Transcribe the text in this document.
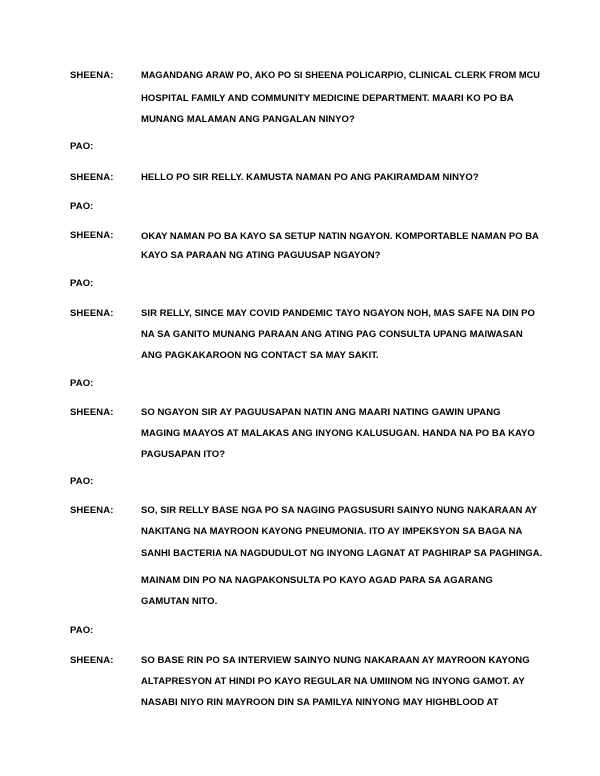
SHEENA:	MAGANDANG ARAW PO, AKO PO SI SHEENA POLICARPIO, CLINICAL CLERK FROM MCU
HOSPITAL FAMILY AND COMMUNITY MEDICINE DEPARTMENT. MAARI KO PO BA
MUNANG MALAMAN ANG PANGALAN NINYO?
PAO:
SHEENA:	HELLO PO SIR RELLY. KAMUSTA NAMAN PO ANG PAKIRAMDAM NINYO?
PAO:
SHEENA:	OKAY NAMAN PO BA KAYO SA SETUP NATIN NGAYON. KOMPORTABLE NAMAN PO BA
KAYO SA PARAAN NG ATING PAGUUSAP NGAYON?
PAO:
SHEENA:	SIR RELLY, SINCE MAY COVID PANDEMIC TAYO NGAYON NOH, MAS SAFE NA DIN PO
NA SA GANITO MUNANG PARAAN ANG ATING PAG CONSULTA UPANG MAIWASAN
ANG PAGKAKAROON NG CONTACT SA MAY SAKIT.
PAO:
SHEENA:	SO NGAYON SIR AY PAGUUSAPAN NATIN ANG MAARI NATING GAWIN UPANG
MAGING MAAYOS AT MALAKAS ANG INYONG KALUSUGAN. HANDA NA PO BA KAYO
PAGUSAPAN ITO?
PAO:
SHEENA:	SO, SIR RELLY BASE NGA PO SA NAGING PAGSUSURI SAINYO NUNG NAKARAAN AY
NAKITANG NA MAYROON KAYONG PNEUMONIA. ITO AY IMPEKSYON SA BAGA NA
SANHI BACTERIA NA NAGDUDULOT NG INYONG LAGNAT AT PAGHIRAP SA PAGHINGA.
MAINAM DIN PO NA NAGPAKONSULTA PO KAYO AGAD PARA SA AGARANG
GAMUTAN NITO.
PAO:
SHEENA:	SO BASE RIN PO SA INTERVIEW SAINYO NUNG NAKARAAN AY MAYROON KAYONG
ALTAPRESYON AT HINDI PO KAYO REGULAR NA UMIINOM NG INYONG GAMOT. AY
NASABI NIYO RIN MAYROON DIN SA PAMILYA NINYONG MAY HIGHBLOOD AT
